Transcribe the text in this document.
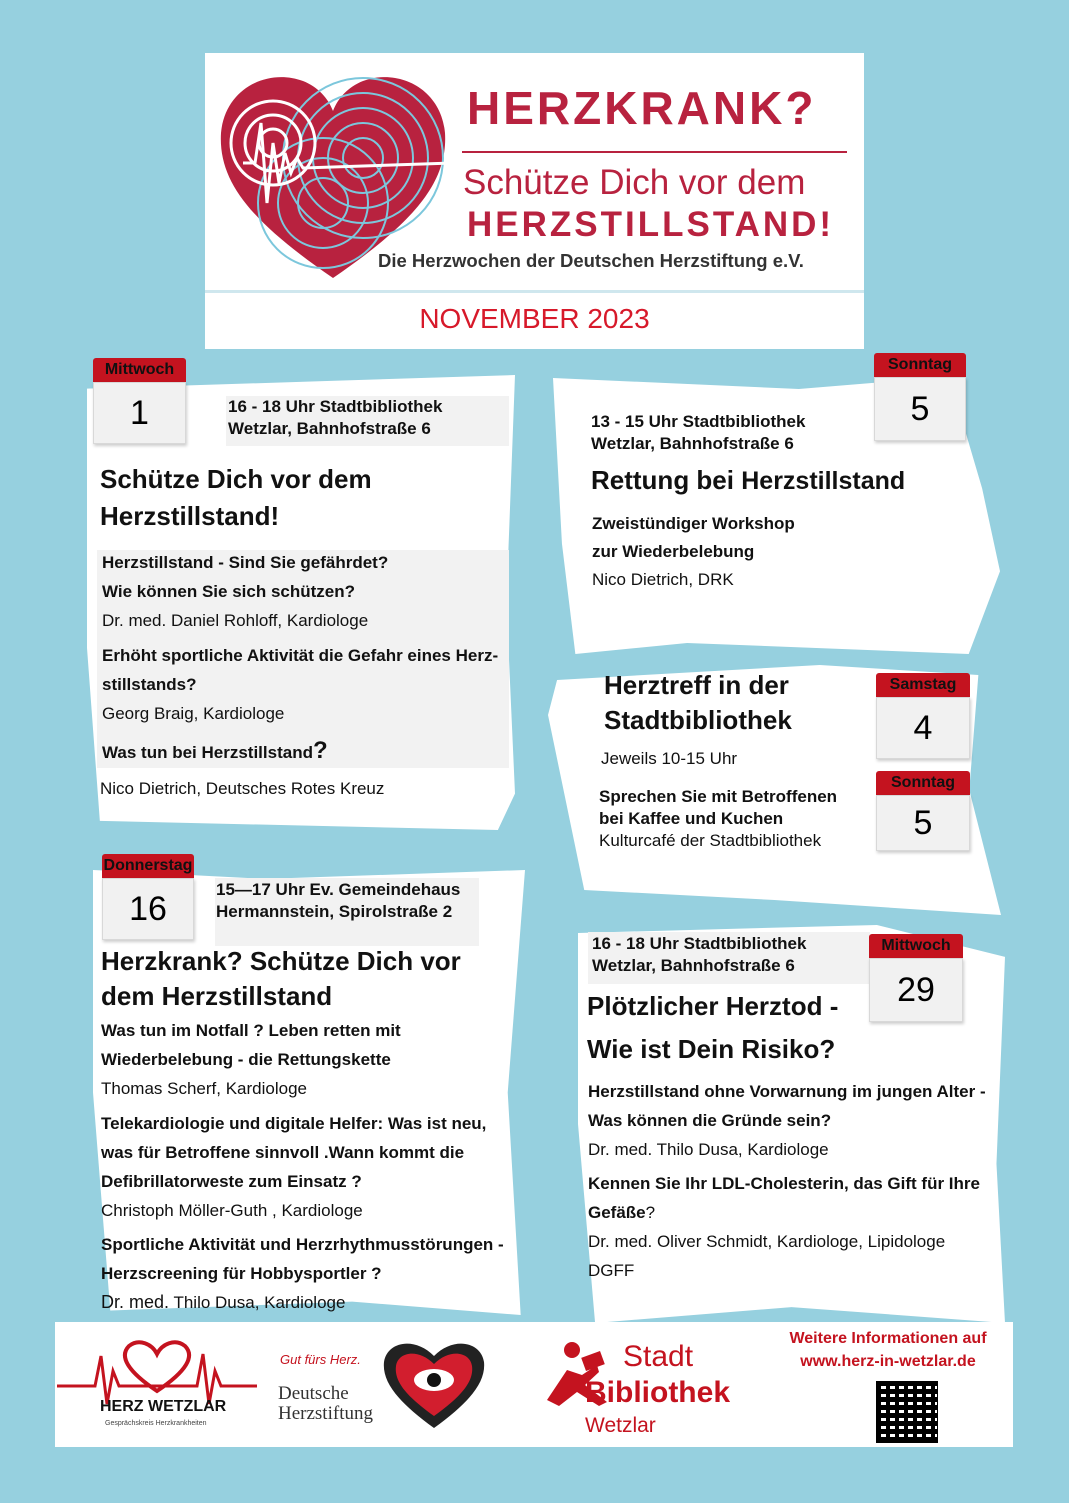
HERZKRANK?
Schütze Dich vor dem
HERZSTILLSTAND!
Die Herzwochen der Deutschen Herzstiftung e.V.
NOVEMBER 2023
Mittwoch
1	16 - 18 Uhr Stadtbibliothek
Wetzlar, Bahnhofstraße 6
Schütze Dich vor dem
Herzstillstand!
Herzstillstand - Sind Sie gefährdet?
Wie können Sie sich schützen?
Dr. med. Daniel Rohloff, Kardiologe
Erhöht sportliche Aktivität die Gefahr eines Herz-
stillstands?
Georg Braig, Kardiologe
Was tun bei Herzstillstand?
Nico Dietrich, Deutsches Rotes Kreuz
Sonntag
5
13 - 15 Uhr Stadtbibliothek
Wetzlar, Bahnhofstraße 6
Rettung bei Herzstillstand
Zweistündiger Workshop
zur Wiederbelebung
Nico Dietrich, DRK
Herztreff in der
Stadtbibliothek
Jeweils 10-15 Uhr
Sprechen Sie mit Betroffenen
bei Kaffee und Kuchen
Kulturcafé der Stadtbibliothek
Samstag
4
Sonntag
5
Donnerstag
16
15—17 Uhr Ev. Gemeindehaus
Hermannstein, Spirolstraße 2
Herzkrank? Schütze Dich vor
dem Herzstillstand
Was tun im Notfall ? Leben retten mit
Wiederbelebung - die Rettungskette
Thomas Scherf, Kardiologe
Telekardiologie und digitale Helfer: Was ist neu,
was für Betroffene sinnvoll .Wann kommt die
Defibrillatorweste zum Einsatz ?
Christoph Möller-Guth , Kardiologe
Sportliche Aktivität und Herzrhythmusstörungen -
Herzscreening für Hobbysportler ?
Dr. med. Thilo Dusa, Kardiologe
Mittwoch
29
16 - 18 Uhr Stadtbibliothek
Wetzlar, Bahnhofstraße 6
Plötzlicher Herztod -
Wie ist Dein Risiko?
Herzstillstand ohne Vorwarnung im jungen Alter -
Was können die Gründe sein?
Dr. med. Thilo Dusa, Kardiologe
Kennen Sie Ihr LDL-Cholesterin, das Gift für Ihre
Gefäße?
Dr. med. Oliver Schmidt, Kardiologe, Lipidologe
DGFF
HERZ WETZLAR
Gesprächskreis Herzkrankheiten
Gut fürs Herz.
Deutsche
Herzstiftung
Stadt
Bibliothek
Wetzlar
Weitere Informationen auf
www.herz-in-wetzlar.de
